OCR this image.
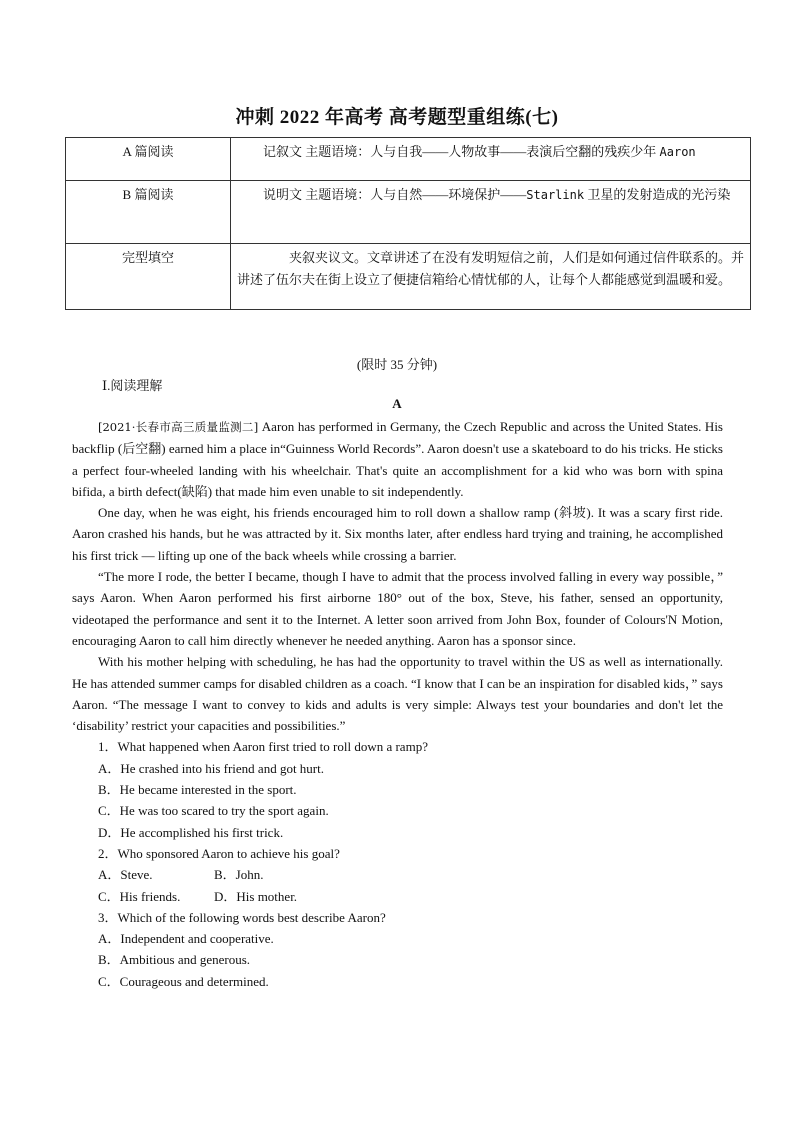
冲刺 2022 年高考 高考题型重组练(七)
A 篇阅读	记叙文 主题语境：人与自我——人物故事——表演后空翻的残疾少年 Aaron
B 篇阅读	说明文 主题语境：人与自然——环境保护——Starlink 卫星的发射造成的光污染
完型填空	夹叙夹议文。文章讲述了在没有发明短信之前，人们是如何通过信件联系的。并讲述了伍尔夫在街上设立了便捷信箱给心情忧郁的人，让每个人都能感觉到温暖和爱。
(限时 35 分钟)
Ⅰ.阅读理解
A

[2021·长春市高三质量监测二] Aaron has performed in Germany, the Czech Republic and across the United States. His backflip (后空翻) earned him a place in“Guinness World Records”. Aaron doesn't use a skateboard to do his tricks. He sticks a perfect four-wheeled landing with his wheelchair. That's quite an accomplishment for a kid who was born with spina bifida, a birth defect(缺陷) that made him even unable to sit independently.

One day, when he was eight, his friends encouraged him to roll down a shallow ramp (斜坡). It was a scary first ride. Aaron crashed his hands, but he was attracted by it. Six months later, after endless hard trying and training, he accomplished his first trick — lifting up one of the back wheels while crossing a barrier.

“The more I rode, the better I became, though I have to admit that the process involved falling in every way possible，” says Aaron. When Aaron performed his first airborne 180° out of the box, Steve, his father, sensed an opportunity, videotaped the performance and sent it to the Internet. A letter soon arrived from John Box, founder of Colours'N Motion, encouraging Aaron to call him directly whenever he needed anything. Aaron has a sponsor since.

With his mother helping with scheduling, he has had the opportunity to travel within the US as well as internationally. He has attended summer camps for disabled children as a coach. “I know that I can be an inspiration for disabled kids，” says Aaron. “The message I want to convey to kids and adults is very simple: Always test your boundaries and don't let the ‘disability’ restrict your capacities and possibilities.”

1．What happened when Aaron first tried to roll down a ramp?
A．He crashed into his friend and got hurt.
B．He became interested in the sport.
C．He was too scared to try the sport again.
D．He accomplished his first trick.
2．Who sponsored Aaron to achieve his goal?
A．Steve.	B．John.
C．His friends.	D．His mother.
3．Which of the following words best describe Aaron?
A．Independent and cooperative.
B．Ambitious and generous.
C．Courageous and determined.
